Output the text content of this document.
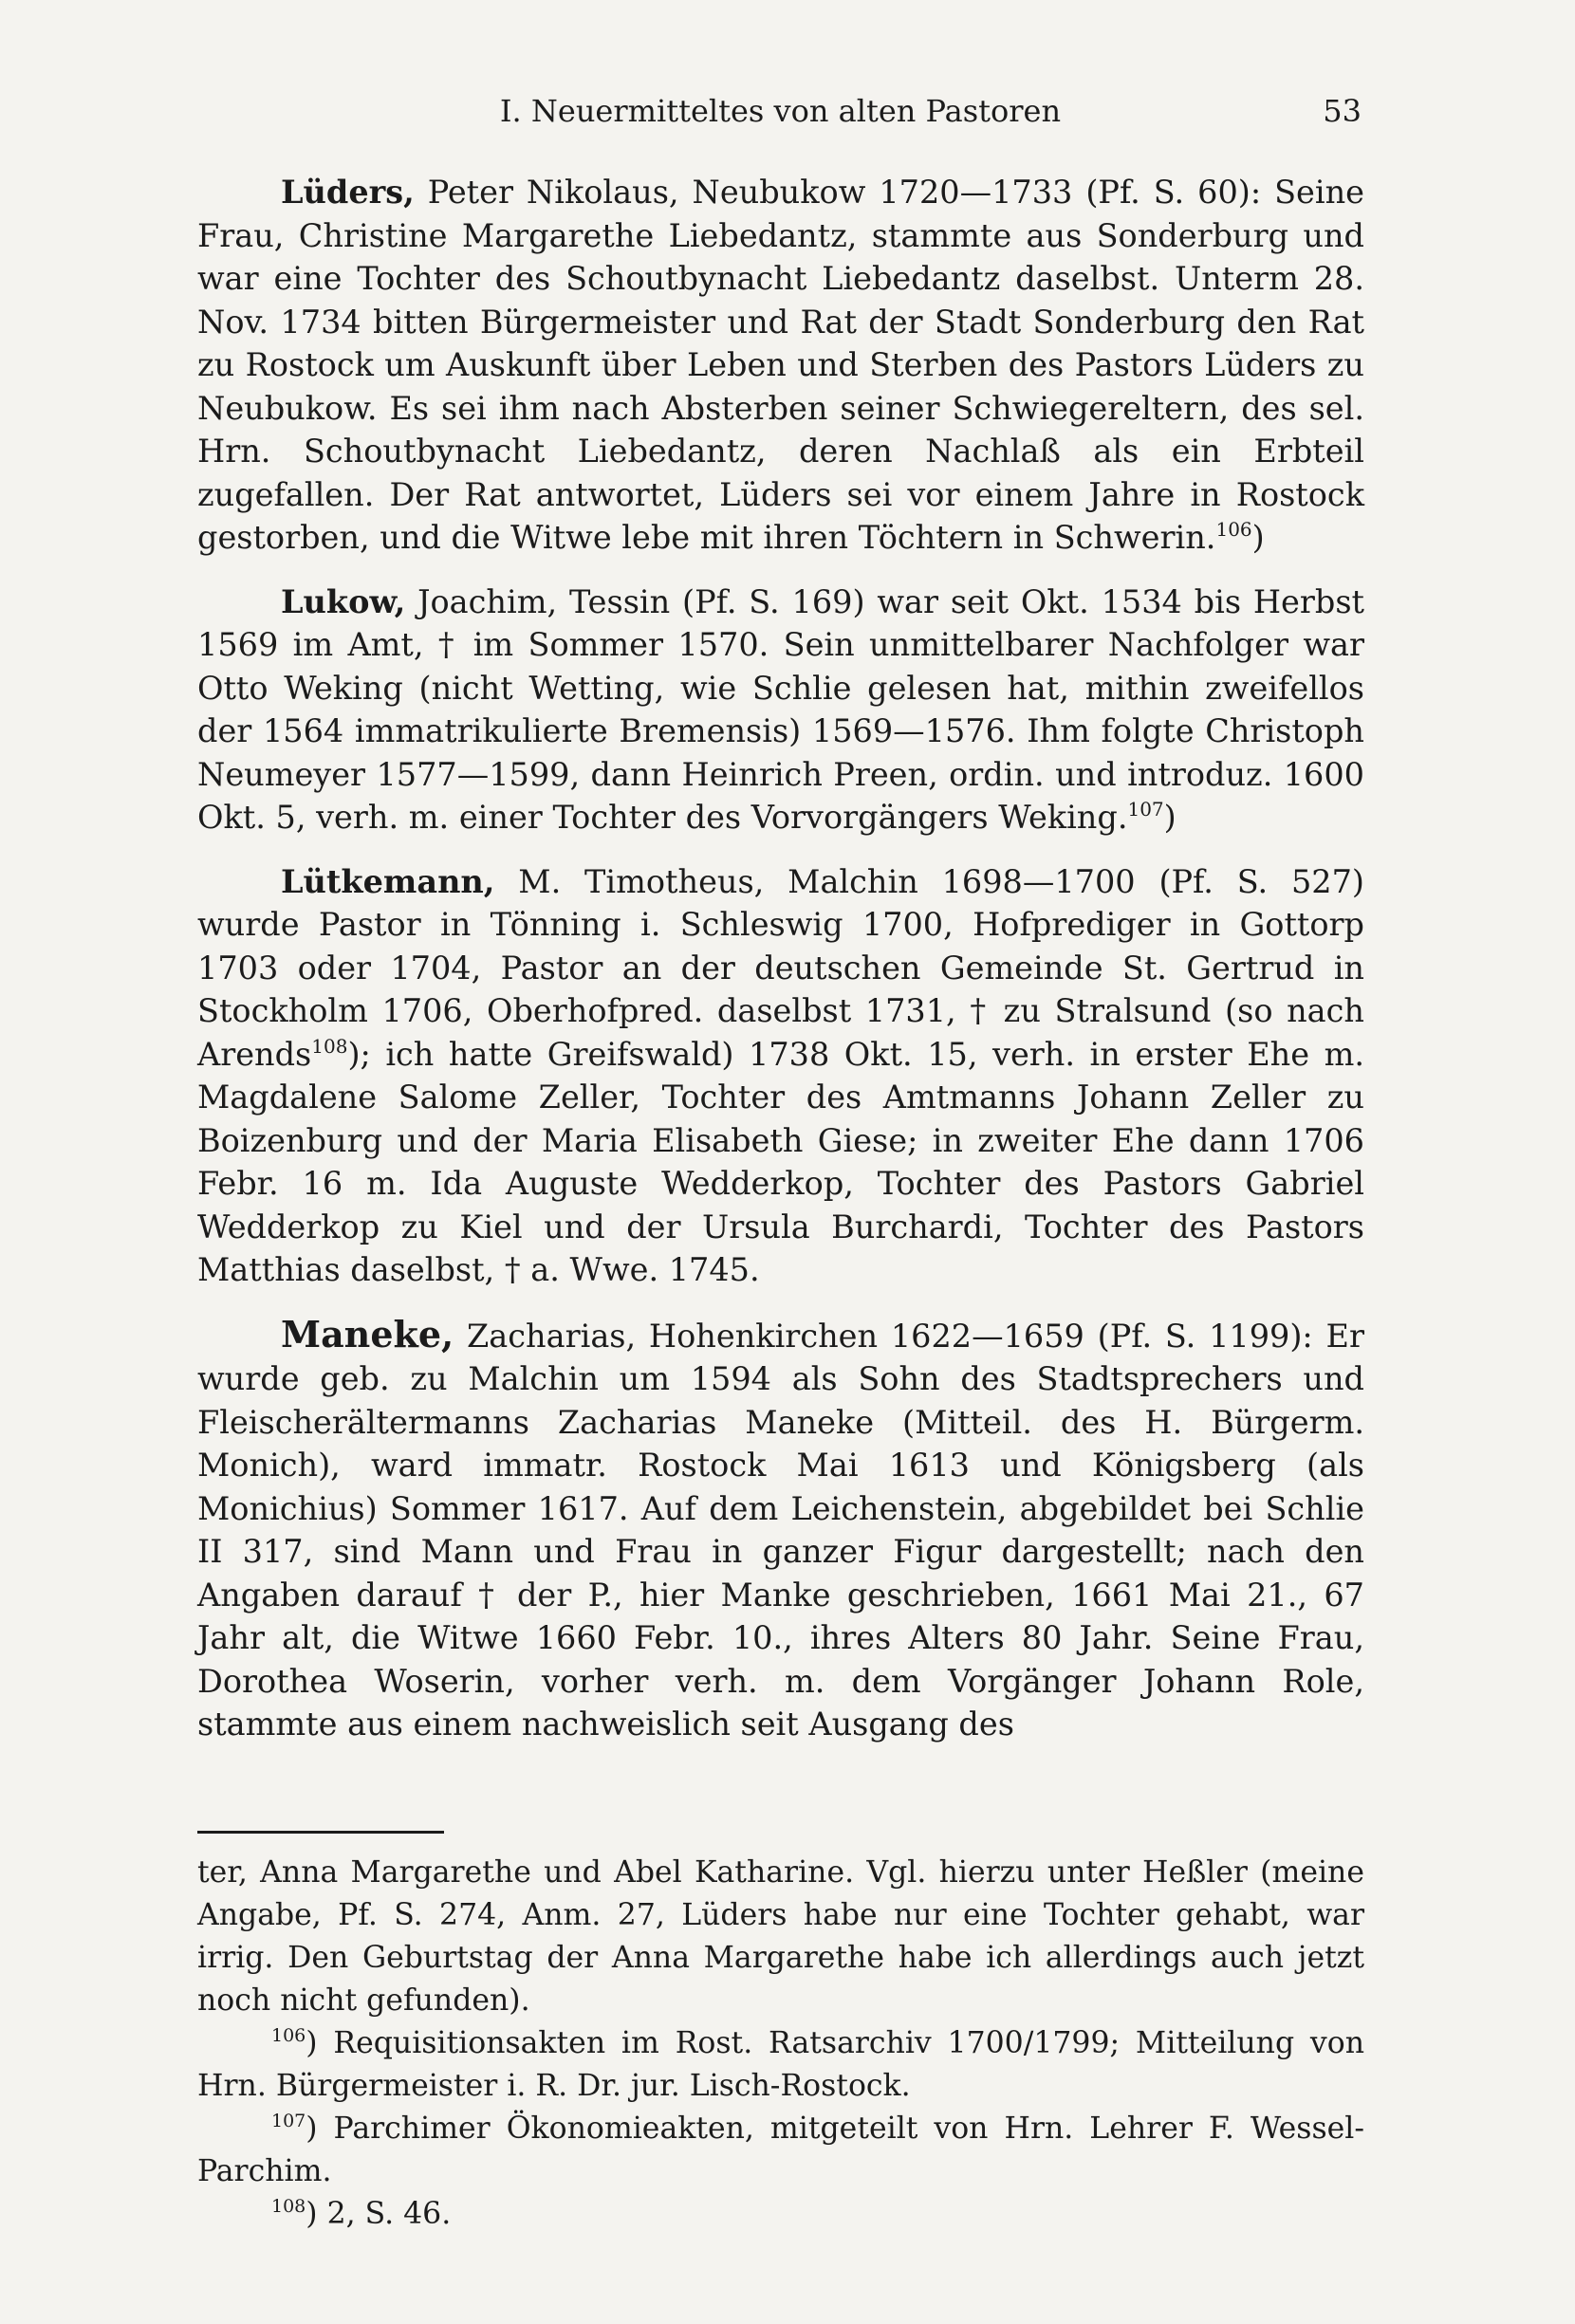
I. Neuermitteltes von alten Pastoren	53

Lüders, Peter Nikolaus, Neubukow 1720—1733 (Pf. S. 60): Seine Frau, Christine Margarethe Liebedantz, stammte aus Sonderburg und war eine Tochter des Schoutbynacht Liebedantz daselbst. Unterm 28. Nov. 1734 bitten Bürgermeister und Rat der Stadt Sonderburg den Rat zu Rostock um Auskunft über Leben und Sterben des Pastors Lüders zu Neubukow. Es sei ihm nach Absterben seiner Schwiegereltern, des sel. Hrn. Schoutbynacht Liebedantz, deren Nachlaß als ein Erbteil zugefallen. Der Rat antwortet, Lüders sei vor einem Jahre in Rostock gestorben, und die Witwe lebe mit ihren Töchtern in Schwerin.$^{106}$)

Lukow, Joachim, Tessin (Pf. S. 169) war seit Okt. 1534 bis Herbst 1569 im Amt, † im Sommer 1570. Sein unmittelbarer Nachfolger war Otto Weking (nicht Wetting, wie Schlie gelesen hat, mithin zweifellos der 1564 immatrikulierte Bremensis) 1569—1576. Ihm folgte Christoph Neumeyer 1577—1599, dann Heinrich Preen, ordin. und introduz. 1600 Okt. 5, verh. m. einer Tochter des Vorvorgängers Weking.$^{107}$)

Lütkemann, M. Timotheus, Malchin 1698—1700 (Pf. S. 527) wurde Pastor in Tönning i. Schleswig 1700, Hofprediger in Gottorp 1703 oder 1704, Pastor an der deutschen Gemeinde St. Gertrud in Stockholm 1706, Oberhofpred. daselbst 1731, † zu Stralsund (so nach Arends$^{108}$); ich hatte Greifswald) 1738 Okt. 15, verh. in erster Ehe m. Magdalene Salome Zeller, Tochter des Amtmanns Johann Zeller zu Boizenburg und der Maria Elisabeth Giese; in zweiter Ehe dann 1706 Febr. 16 m. Ida Auguste Wedderkop, Tochter des Pastors Gabriel Wedderkop zu Kiel und der Ursula Burchardi, Tochter des Pastors Matthias daselbst, † a. Wwe. 1745.

Maneke, Zacharias, Hohenkirchen 1622—1659 (Pf. S. 1199): Er wurde geb. zu Malchin um 1594 als Sohn des Stadtsprechers und Fleischerältermanns Zacharias Maneke (Mitteil. des H. Bürgerm. Monich), ward immatr. Rostock Mai 1613 und Königsberg (als Monichius) Sommer 1617. Auf dem Leichenstein, abgebildet bei Schlie II 317, sind Mann und Frau in ganzer Figur dargestellt; nach den Angaben darauf † der P., hier Manke geschrieben, 1661 Mai 21., 67 Jahr alt, die Witwe 1660 Febr. 10., ihres Alters 80 Jahr. Seine Frau, Dorothea Woserin, vorher verh. m. dem Vorgänger Johann Role, stammte aus einem nachweislich seit Ausgang des

ter, Anna Margarethe und Abel Katharine. Vgl. hierzu unter Heßler (meine Angabe, Pf. S. 274, Anm. 27, Lüders habe nur eine Tochter gehabt, war irrig. Den Geburtstag der Anna Margarethe habe ich allerdings auch jetzt noch nicht gefunden).

$^{106}$) Requisitionsakten im Rost. Ratsarchiv 1700/1799; Mitteilung von Hrn. Bürgermeister i. R. Dr. jur. Lisch-Rostock.

$^{107}$) Parchimer Ökonomieakten, mitgeteilt von Hrn. Lehrer F. Wessel-Parchim.

$^{108}$) 2, S. 46.
